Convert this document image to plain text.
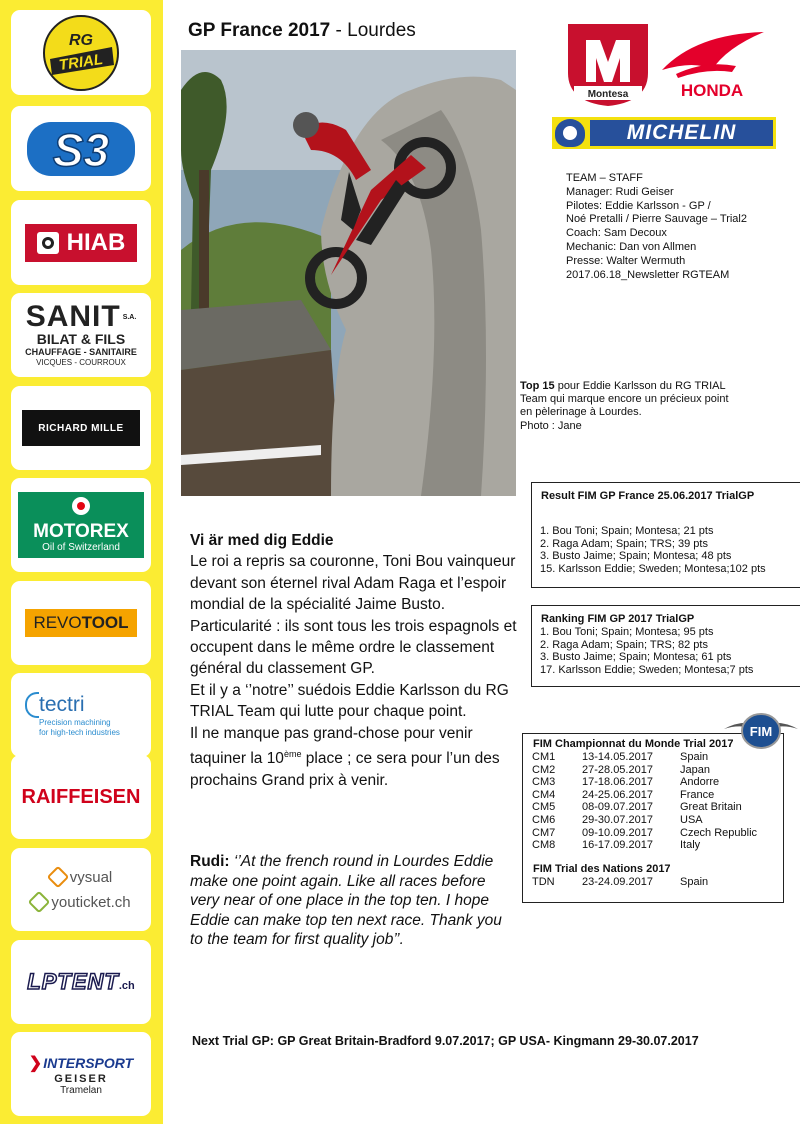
RG
TRIAL
S3
HIAB
SANIT S.A.
BILAT & FILS
CHAUFFAGE - SANITAIRE
VICQUES - COURROUX
RICHARD MILLE
MOTOREX
Oil of Switzerland
REVO TOOL
tectri
Precision machining
for high-tech industries
RAIFFEISEN
vysual
youticket.ch
LPTENT .ch
❯ INTERSPORT
GEISER
Tramelan
GP France 2017 - Lourdes
Montesa	HONDA
MICHELIN
TEAM – STAFF
Manager: Rudi Geiser
Pilotes: Eddie Karlsson - GP /
Noé Pretalli / Pierre Sauvage – Trial2
Coach: Sam Decoux
Mechanic: Dan von Allmen
Presse: Walter Wermuth
2017.06.18_Newsletter RGTEAM
Top 15 pour Eddie Karlsson du RG TRIAL
Team qui marque encore un précieux point
en pèlerinage à Lourdes.
Photo : Jane
Result FIM GP France 25.06.2017 TrialGP
1. Bou Toni; Spain; Montesa; 21 pts
2. Raga Adam; Spain; TRS; 39 pts
3. Busto Jaime; Spain; Montesa; 48 pts
15. Karlsson Eddie; Sweden; Montesa;102 pts
Ranking FIM GP 2017 TrialGP
1. Bou Toni; Spain; Montesa; 95 pts
2. Raga Adam; Spain; TRS; 82 pts
3. Busto Jaime; Spain; Montesa; 61 pts
17. Karlsson Eddie; Sweden; Montesa;7 pts
FIM Championnat du Monde Trial 2017
CM1	13-14.05.2017	Spain
CM2	27-28.05.2017	Japan
CM3	17-18.06.2017	Andorre
CM4	24-25.06.2017	France
CM5	08-09.07.2017	Great Britain
CM6	29-30.07.2017	USA
CM7	09-10.09.2017	Czech Republic
CM8	16-17.09.2017	Italy
FIM Trial des Nations 2017
TDN	23-24.09.2017	Spain
FIM
Vi är med dig Eddie

Le roi a repris sa couronne, Toni Bou vainqueur devant son éternel rival Adam Raga et l’espoir mondial de la spécialité Jaime Busto.

Particularité : ils sont tous les trois espagnols et occupent dans le même ordre le classement général du classement GP.

Et il y a ‘’notre’’ suédois Eddie Karlsson du RG TRIAL Team qui lutte pour chaque point.

Il ne manque pas grand-chose pour venir taquiner la 10ème place ; ce sera pour l’un des prochains Grand prix à venir.

Rudi: ‘’At the french round in Lourdes Eddie make one point again. Like all races before very near of one place in the top ten. I hope Eddie can make top ten next race. Thank you to the team for first quality job’’.
Next Trial GP: GP Great Britain-Bradford 9.07.2017; GP USA- Kingmann 29-30.07.2017
